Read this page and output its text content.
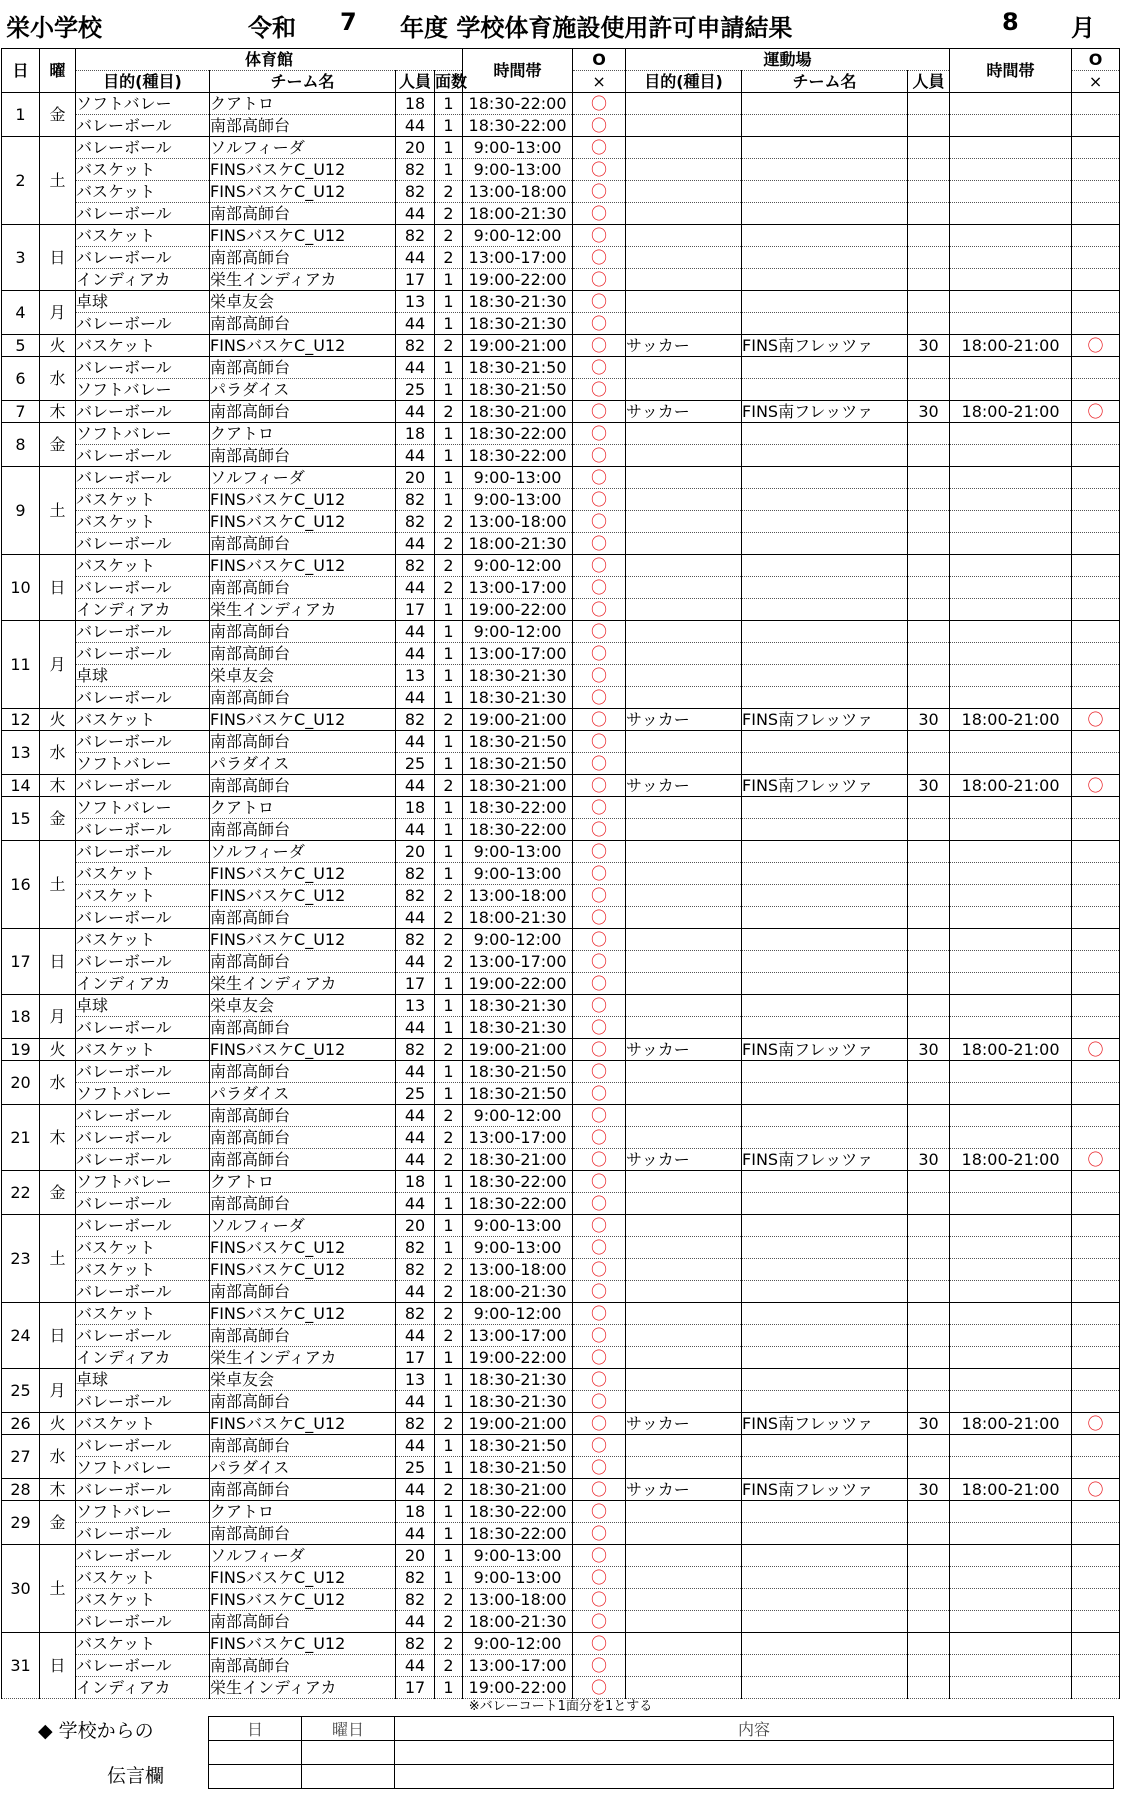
栄小学校	令和 7 年度 学校体育施設使用許可申請結果	8 月
日	曜	体育館				時間帯	O	運動場			時間帯	O
		目的(種目)	チーム名	人員	面数		×	目的(種目)	チーム名	人員		×
1	金	ソフトバレー	クアトロ	18	1	18:30-22:00	〇					
		バレーボール	南部高師台	44	1	18:30-22:00	〇					
2	土	バレーボール	ソルフィーダ	20	1	9:00-13:00	〇					
		バスケット	FINSバスケC_U12	82	1	9:00-13:00	〇					
		バスケット	FINSバスケC_U12	82	2	13:00-18:00	〇					
		バレーボール	南部高師台	44	2	18:00-21:30	〇					
3	日	バスケット	FINSバスケC_U12	82	2	9:00-12:00	〇					
		バレーボール	南部高師台	44	2	13:00-17:00	〇					
		インディアカ	栄生インディアカ	17	1	19:00-22:00	〇					
4	月	卓球	栄卓友会	13	1	18:30-21:30	〇					
		バレーボール	南部高師台	44	1	18:30-21:30	〇					
5	火	バスケット	FINSバスケC_U12	82	2	19:00-21:00	〇	サッカー	FINS南フレッツァ	30	18:00-21:00	〇
6	水	バレーボール	南部高師台	44	1	18:30-21:50	〇					
		ソフトバレー	パラダイス	25	1	18:30-21:50	〇					
7	木	バレーボール	南部高師台	44	2	18:30-21:00	〇	サッカー	FINS南フレッツァ	30	18:00-21:00	〇
8	金	ソフトバレー	クアトロ	18	1	18:30-22:00	〇					
		バレーボール	南部高師台	44	1	18:30-22:00	〇					
9	土	バレーボール	ソルフィーダ	20	1	9:00-13:00	〇					
		バスケット	FINSバスケC_U12	82	1	9:00-13:00	〇					
		バスケット	FINSバスケC_U12	82	2	13:00-18:00	〇					
		バレーボール	南部高師台	44	2	18:00-21:30	〇					
10	日	バスケット	FINSバスケC_U12	82	2	9:00-12:00	〇					
		バレーボール	南部高師台	44	2	13:00-17:00	〇					
		インディアカ	栄生インディアカ	17	1	19:00-22:00	〇					
11	月	バレーボール	南部高師台	44	1	9:00-12:00	〇					
		バレーボール	南部高師台	44	1	13:00-17:00	〇					
		卓球	栄卓友会	13	1	18:30-21:30	〇					
		バレーボール	南部高師台	44	1	18:30-21:30	〇					
12	火	バスケット	FINSバスケC_U12	82	2	19:00-21:00	〇	サッカー	FINS南フレッツァ	30	18:00-21:00	〇
13	水	バレーボール	南部高師台	44	1	18:30-21:50	〇					
		ソフトバレー	パラダイス	25	1	18:30-21:50	〇					
14	木	バレーボール	南部高師台	44	2	18:30-21:00	〇	サッカー	FINS南フレッツァ	30	18:00-21:00	〇
15	金	ソフトバレー	クアトロ	18	1	18:30-22:00	〇					
		バレーボール	南部高師台	44	1	18:30-22:00	〇					
16	土	バレーボール	ソルフィーダ	20	1	9:00-13:00	〇					
		バスケット	FINSバスケC_U12	82	1	9:00-13:00	〇					
		バスケット	FINSバスケC_U12	82	2	13:00-18:00	〇					
		バレーボール	南部高師台	44	2	18:00-21:30	〇					
17	日	バスケット	FINSバスケC_U12	82	2	9:00-12:00	〇					
		バレーボール	南部高師台	44	2	13:00-17:00	〇					
		インディアカ	栄生インディアカ	17	1	19:00-22:00	〇					
18	月	卓球	栄卓友会	13	1	18:30-21:30	〇					
		バレーボール	南部高師台	44	1	18:30-21:30	〇					
19	火	バスケット	FINSバスケC_U12	82	2	19:00-21:00	〇	サッカー	FINS南フレッツァ	30	18:00-21:00	〇
20	水	バレーボール	南部高師台	44	1	18:30-21:50	〇					
		ソフトバレー	パラダイス	25	1	18:30-21:50	〇					
21	木	バレーボール	南部高師台	44	2	9:00-12:00	〇					
		バレーボール	南部高師台	44	2	13:00-17:00	〇					
		バレーボール	南部高師台	44	2	18:30-21:00	〇	サッカー	FINS南フレッツァ	30	18:00-21:00	〇
22	金	ソフトバレー	クアトロ	18	1	18:30-22:00	〇					
		バレーボール	南部高師台	44	1	18:30-22:00	〇					
23	土	バレーボール	ソルフィーダ	20	1	9:00-13:00	〇					
		バスケット	FINSバスケC_U12	82	1	9:00-13:00	〇					
		バスケット	FINSバスケC_U12	82	2	13:00-18:00	〇					
		バレーボール	南部高師台	44	2	18:00-21:30	〇					
24	日	バスケット	FINSバスケC_U12	82	2	9:00-12:00	〇					
		バレーボール	南部高師台	44	2	13:00-17:00	〇					
		インディアカ	栄生インディアカ	17	1	19:00-22:00	〇					
25	月	卓球	栄卓友会	13	1	18:30-21:30	〇					
		バレーボール	南部高師台	44	1	18:30-21:30	〇					
26	火	バスケット	FINSバスケC_U12	82	2	19:00-21:00	〇	サッカー	FINS南フレッツァ	30	18:00-21:00	〇
27	水	バレーボール	南部高師台	44	1	18:30-21:50	〇					
		ソフトバレー	パラダイス	25	1	18:30-21:50	〇					
28	木	バレーボール	南部高師台	44	2	18:30-21:00	〇	サッカー	FINS南フレッツァ	30	18:00-21:00	〇
29	金	ソフトバレー	クアトロ	18	1	18:30-22:00	〇					
		バレーボール	南部高師台	44	1	18:30-22:00	〇					
30	土	バレーボール	ソルフィーダ	20	1	9:00-13:00	〇					
		バスケット	FINSバスケC_U12	82	1	9:00-13:00	〇					
		バスケット	FINSバスケC_U12	82	2	13:00-18:00	〇					
		バレーボール	南部高師台	44	2	18:00-21:30	〇					
31	日	バスケット	FINSバスケC_U12	82	2	9:00-12:00	〇					
		バレーボール	南部高師台	44	2	13:00-17:00	〇					
		インディアカ	栄生インディアカ	17	1	19:00-22:00	〇					
※バレーコート1面分を1とする
◆ 学校からの
伝言欄
日	曜日	内容
